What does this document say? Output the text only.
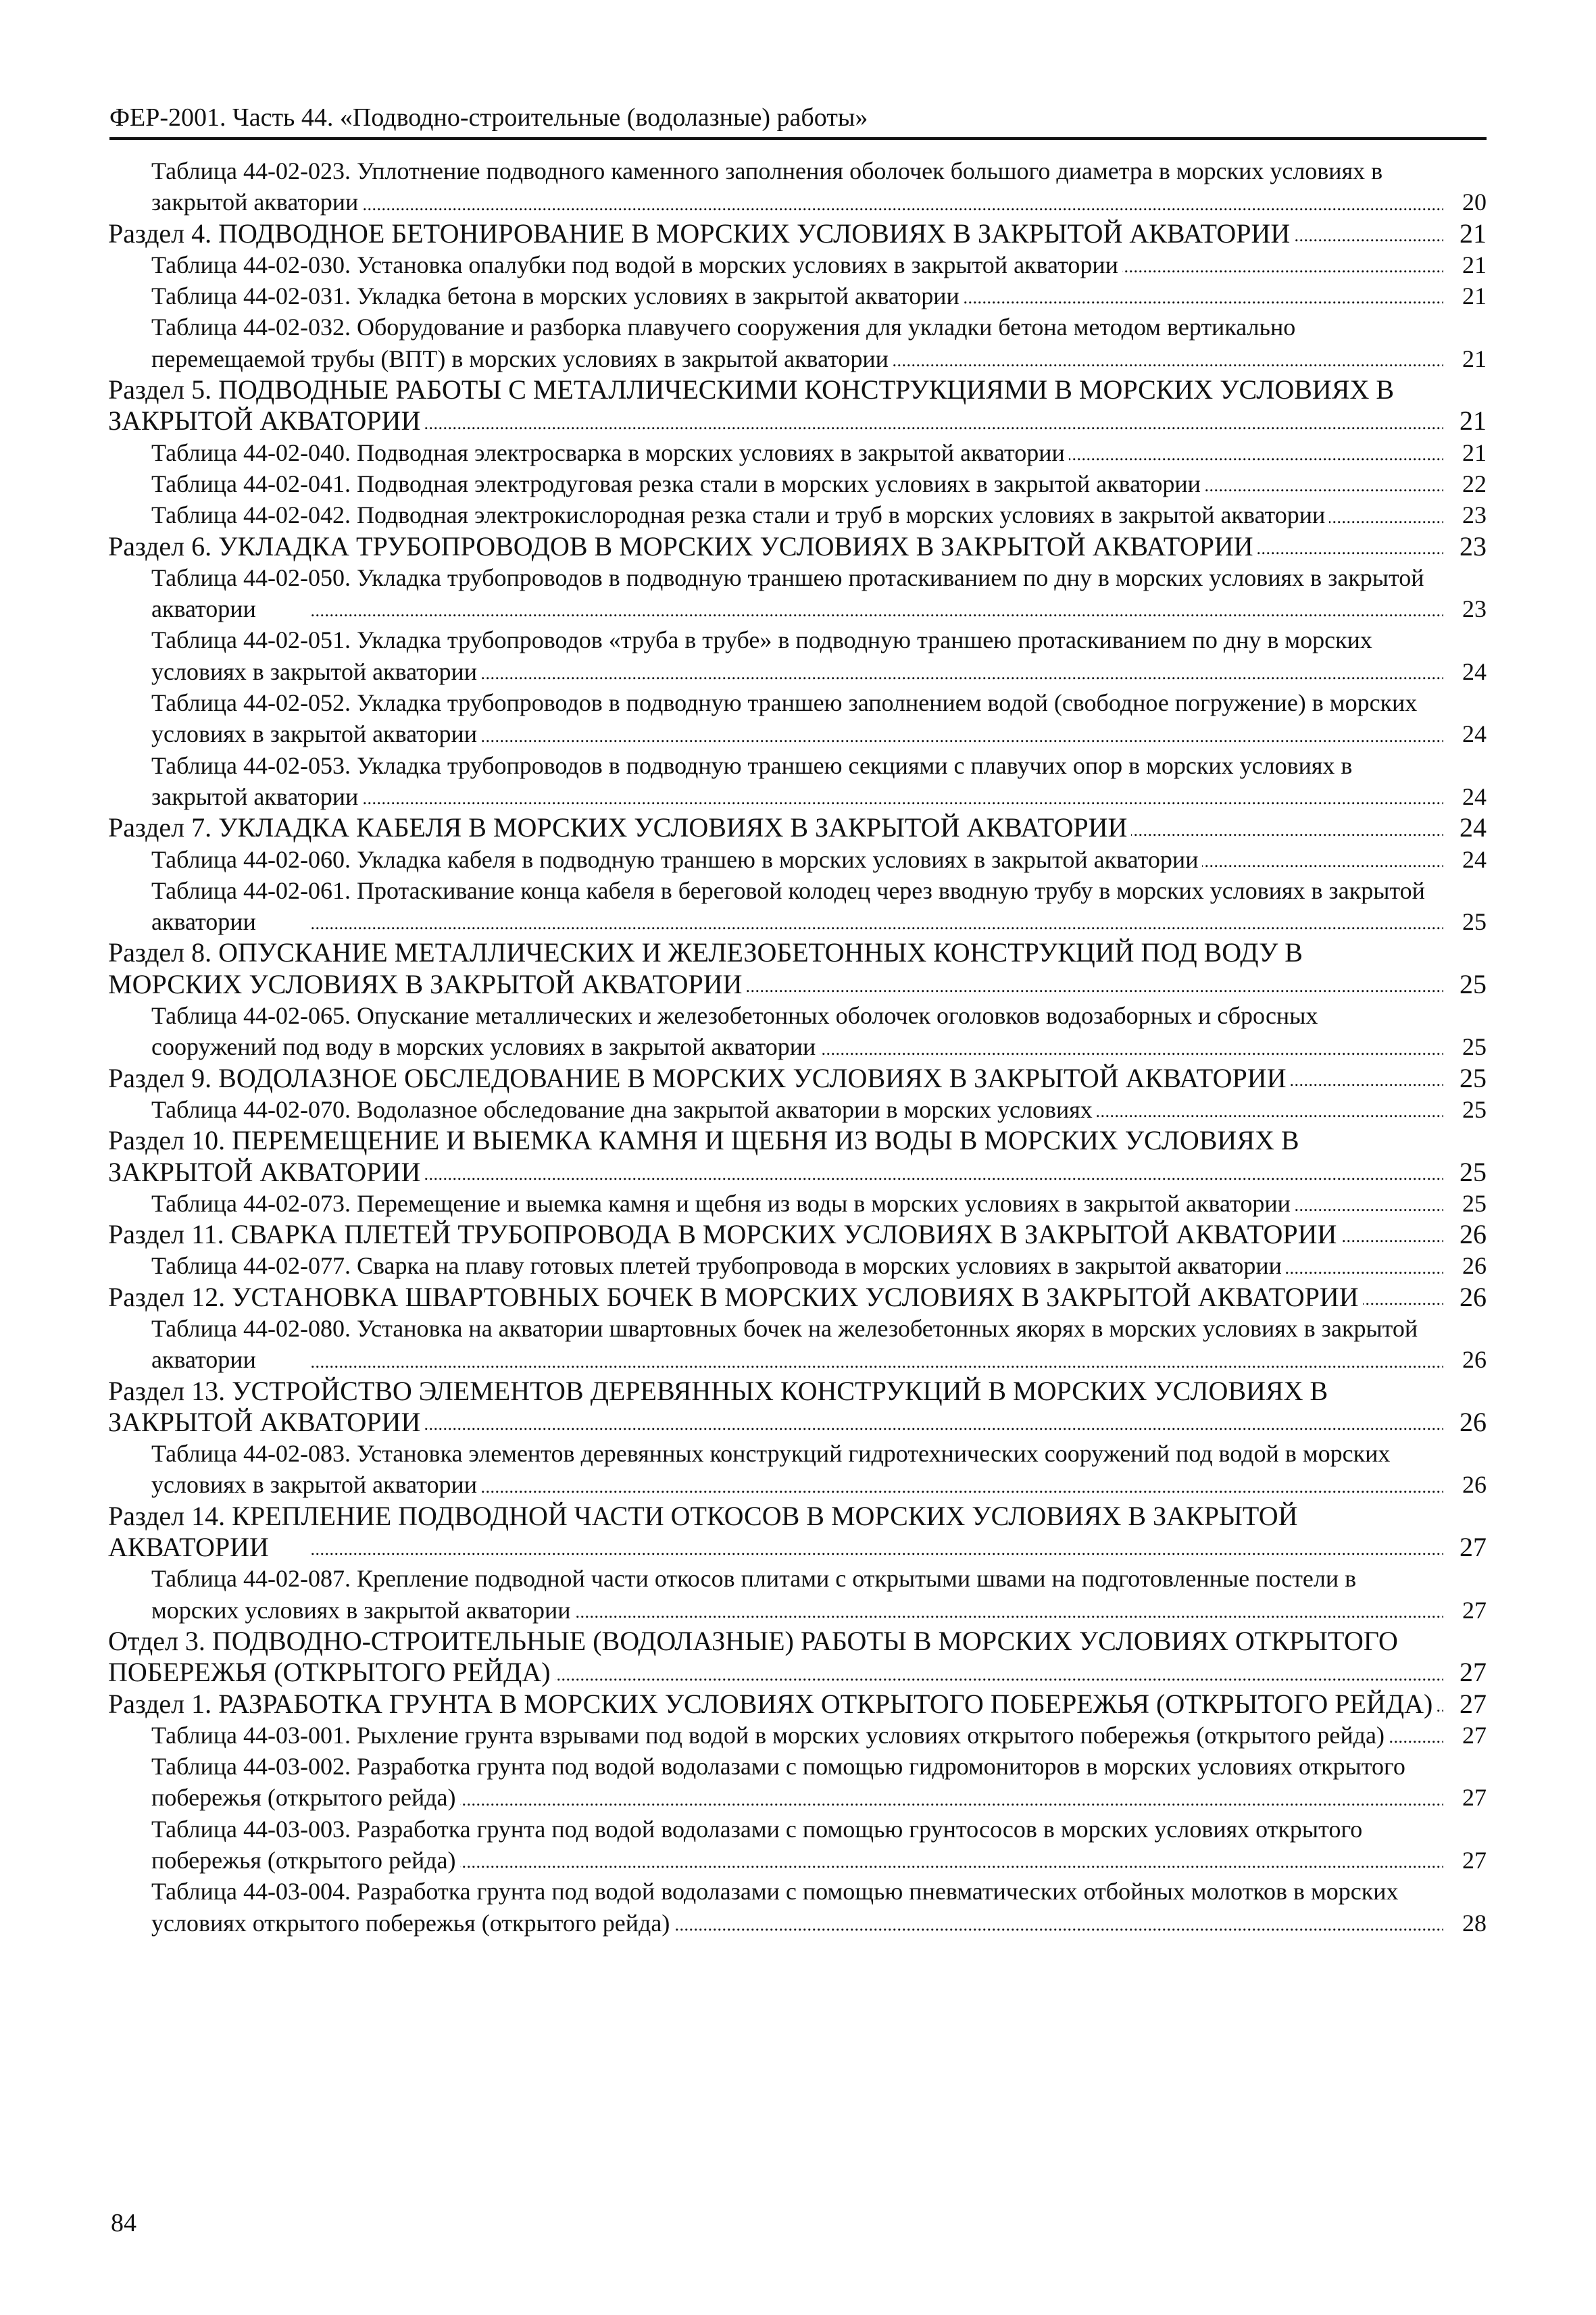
ФЕР-2001. Часть 44. «Подводно-строительные (водолазные) работы»
Таблица 44-02-023. Уплотнение подводного каменного заполнения оболочек большого диаметра в морских условиях в закрытой акватории	20
. . .
Раздел 4. ПОДВОДНОЕ БЕТОНИРОВАНИЕ В МОРСКИХ УСЛОВИЯХ В ЗАКРЫТОЙ АКВАТОРИИ	21
. . .
Таблица 44-02-030. Установка опалубки под водой в морских условиях в закрытой акватории	21
. . .
Таблица 44-02-031. Укладка бетона в морских условиях в закрытой акватории	21
. . .
Таблица 44-02-032. Оборудование и разборка плавучего сооружения для укладки бетона методом вертикально перемещаемой трубы (ВПТ) в морских условиях в закрытой акватории	21
. . .
Раздел 5. ПОДВОДНЫЕ РАБОТЫ С МЕТАЛЛИЧЕСКИМИ КОНСТРУКЦИЯМИ В МОРСКИХ УСЛОВИЯХ В ЗАКРЫТОЙ АКВАТОРИИ	21
. . .
Таблица 44-02-040. Подводная электросварка в морских условиях в закрытой акватории	21
. . .
Таблица 44-02-041. Подводная электродуговая резка стали в морских условиях в закрытой акватории	22
. . .
Таблица 44-02-042. Подводная электрокислородная резка стали и труб в морских условиях в закрытой акватории	23
. . .
Раздел 6. УКЛАДКА ТРУБОПРОВОДОВ В МОРСКИХ УСЛОВИЯХ В ЗАКРЫТОЙ АКВАТОРИИ	23
. . .
Таблица 44-02-050. Укладка трубопроводов в подводную траншею протаскиванием по дну в морских условиях в закрытой акватории	23
. . .
Таблица 44-02-051. Укладка трубопроводов «труба в трубе» в подводную траншею протаскиванием по дну в морских условиях в закрытой акватории	24
. . .
Таблица 44-02-052. Укладка трубопроводов в подводную траншею заполнением водой (свободное погружение) в морских условиях в закрытой акватории	24
. . .
Таблица 44-02-053. Укладка трубопроводов в подводную траншею секциями с плавучих опор в морских условиях в закрытой акватории	24
. . .
Раздел 7. УКЛАДКА КАБЕЛЯ В МОРСКИХ УСЛОВИЯХ В ЗАКРЫТОЙ АКВАТОРИИ	24
. . .
Таблица 44-02-060. Укладка кабеля в подводную траншею в морских условиях в закрытой акватории	24
. . .
Таблица 44-02-061. Протаскивание конца кабеля в береговой колодец через вводную трубу в морских условиях в закрытой акватории	25
. . .
Раздел 8. ОПУСКАНИЕ МЕТАЛЛИЧЕСКИХ И ЖЕЛЕЗОБЕТОННЫХ КОНСТРУКЦИЙ ПОД ВОДУ В МОРСКИХ УСЛОВИЯХ В ЗАКРЫТОЙ АКВАТОРИИ	25
. . .
Таблица 44-02-065. Опускание металлических и железобетонных оболочек оголовков водозаборных и сбросных сооружений под воду в морских условиях в закрытой акватории	25
. . .
Раздел 9. ВОДОЛАЗНОЕ ОБСЛЕДОВАНИЕ В МОРСКИХ УСЛОВИЯХ В ЗАКРЫТОЙ АКВАТОРИИ	25
. . .
Таблица 44-02-070. Водолазное обследование дна закрытой акватории в морских условиях	25
. . .
Раздел 10. ПЕРЕМЕЩЕНИЕ И ВЫЕМКА КАМНЯ И ЩЕБНЯ ИЗ ВОДЫ В МОРСКИХ УСЛОВИЯХ В ЗАКРЫТОЙ АКВАТОРИИ	25
. . .
Таблица 44-02-073. Перемещение и выемка камня и щебня из воды в морских условиях в закрытой акватории	25
. . .
Раздел 11. СВАРКА ПЛЕТЕЙ ТРУБОПРОВОДА В МОРСКИХ УСЛОВИЯХ В ЗАКРЫТОЙ АКВАТОРИИ	26
. . .
Таблица 44-02-077. Сварка на плаву готовых плетей трубопровода в морских условиях в закрытой акватории	26
. . .
Раздел 12. УСТАНОВКА ШВАРТОВНЫХ БОЧЕК В МОРСКИХ УСЛОВИЯХ В ЗАКРЫТОЙ АКВАТОРИИ	26
. . .
Таблица 44-02-080. Установка на акватории швартовных бочек на железобетонных якорях в морских условиях в закрытой акватории	26
. . .
Раздел 13. УСТРОЙСТВО ЭЛЕМЕНТОВ ДЕРЕВЯННЫХ КОНСТРУКЦИЙ В МОРСКИХ УСЛОВИЯХ В ЗАКРЫТОЙ АКВАТОРИИ	26
. . .
Таблица 44-02-083. Установка элементов деревянных конструкций гидротехнических сооружений под водой в морских условиях в закрытой акватории	26
. . .
Раздел 14. КРЕПЛЕНИЕ ПОДВОДНОЙ ЧАСТИ ОТКОСОВ В МОРСКИХ УСЛОВИЯХ В ЗАКРЫТОЙ АКВАТОРИИ	27
. . .
Таблица 44-02-087. Крепление подводной части откосов плитами с открытыми швами на подготовленные постели в морских условиях в закрытой акватории	27
. . .
Отдел 3. ПОДВОДНО-СТРОИТЕЛЬНЫЕ (ВОДОЛАЗНЫЕ) РАБОТЫ В МОРСКИХ УСЛОВИЯХ ОТКРЫТОГО ПОБЕРЕЖЬЯ (ОТКРЫТОГО РЕЙДА)	27
. . .
Раздел 1. РАЗРАБОТКА ГРУНТА В МОРСКИХ УСЛОВИЯХ ОТКРЫТОГО ПОБЕРЕЖЬЯ (ОТКРЫТОГО РЕЙДА) 27
. . .
Таблица 44-03-001. Рыхление грунта взрывами под водой в морских условиях открытого побережья (открытого рейда)	27
. . .
Таблица 44-03-002. Разработка грунта под водой водолазами с помощью гидромониторов в морских условиях открытого побережья (открытого рейда)	27
. . .
Таблица 44-03-003. Разработка грунта под водой водолазами с помощью грунтососов в морских условиях открытого побережья (открытого рейда)	27
. . .
Таблица 44-03-004. Разработка грунта под водой водолазами с помощью пневматических отбойных молотков в морских условиях открытого побережья (открытого рейда)	28
. . .
84
